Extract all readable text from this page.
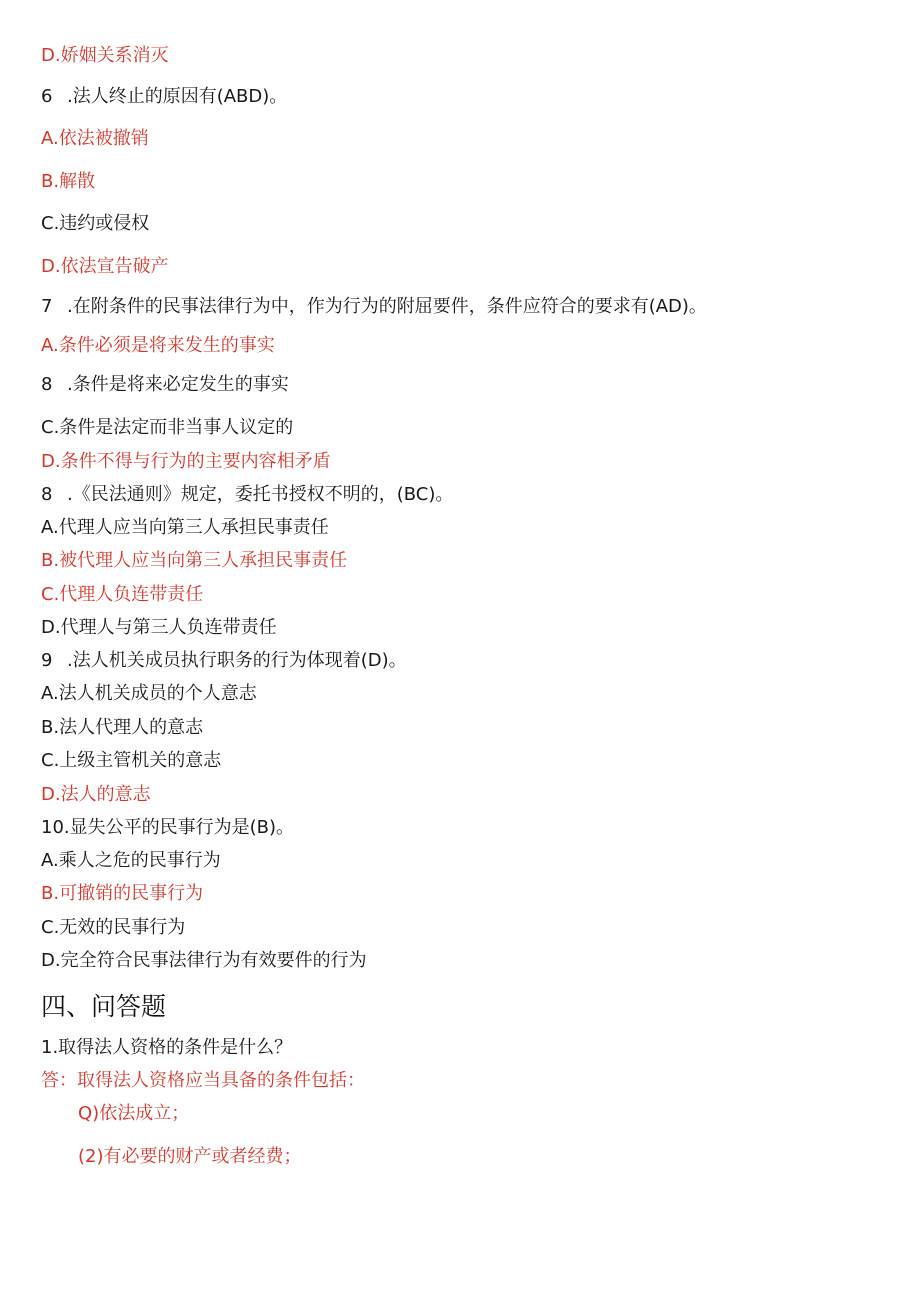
D.娇姻关系消灭
6 .法人终止的原因有(ABD)。
A.依法被撤销
B.解散
C.违约或侵权
D.依法宣告破产
7 .在附条件的民事法律行为中，作为行为的附屈要件，条件应符合的要求有(AD)。
A.条件必须是将来发生的事实
8 .条件是将来必定发生的事实
C.条件是法定而非当事人议定的
D.条件不得与行为的主要内容相矛盾
8 .《民法通则》规定，委托书授权不明的，(BC)。
A.代理人应当向第三人承担民事责任
B.被代理人应当向第三人承担民事责任
C.代理人负连带责任
D.代理人与第三人负连带责任
9 .法人机关成员执行职务的行为体现着(D)。
A.法人机关成员的个人意志
B.法人代理人的意志
C.上级主管机关的意志
D.法人的意志
10.显失公平的民事行为是(B)。
A.乘人之危的民事行为
B.可撤销的民事行为
C.无效的民事行为
D.完全符合民事法律行为有效要件的行为
四、问答题
1.取得法人资格的条件是什么？
答：取得法人资格应当具备的条件包括：
Q)依法成立；
(2)有必要的财产或者经费；
